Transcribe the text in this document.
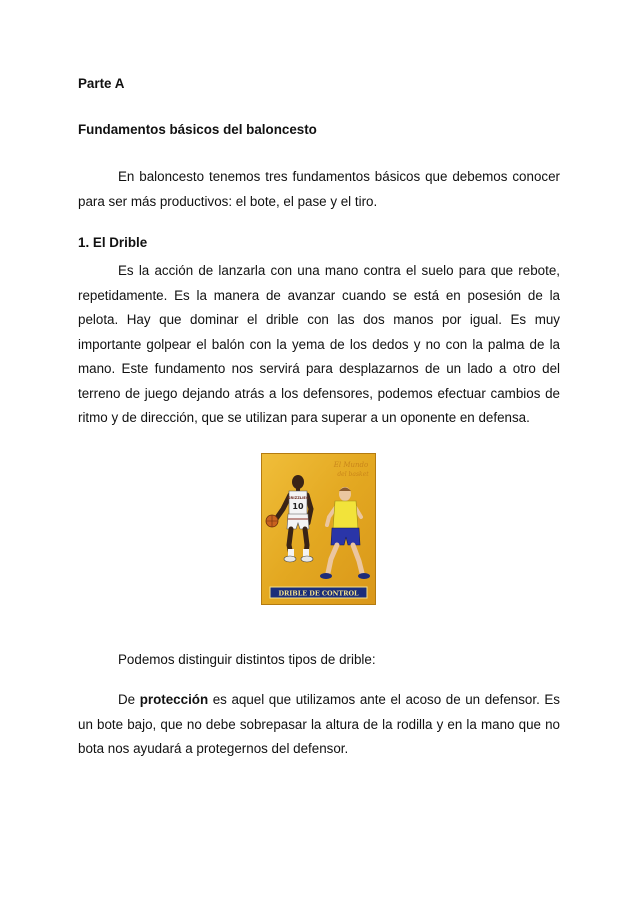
Parte A
Fundamentos básicos del baloncesto
En baloncesto tenemos tres fundamentos básicos que debemos conocer para ser más productivos: el bote, el pase y el tiro.
1. El Drible
Es la acción de lanzarla con una mano contra el suelo para que rebote, repetidamente. Es la manera de avanzar cuando se está en posesión de la pelota. Hay que dominar el drible con las dos manos por igual. Es muy importante golpear el balón con la yema de los dedos y no con la palma de la mano. Este fundamento nos servirá para desplazarnos de un lado a otro del terreno de juego dejando atrás a los defensores, podemos efectuar cambios de ritmo y de dirección, que se utilizan para superar a un oponente en defensa.
El Mundo
del basket
GRIZZLIES
10
DRIBLE DE CONTROL
Podemos distinguir distintos tipos de drible:
De protección es aquel que utilizamos ante el acoso de un defensor. Es un bote bajo, que no debe sobrepasar la altura de la rodilla y en la mano que no bota nos ayudará a protegernos del defensor.
